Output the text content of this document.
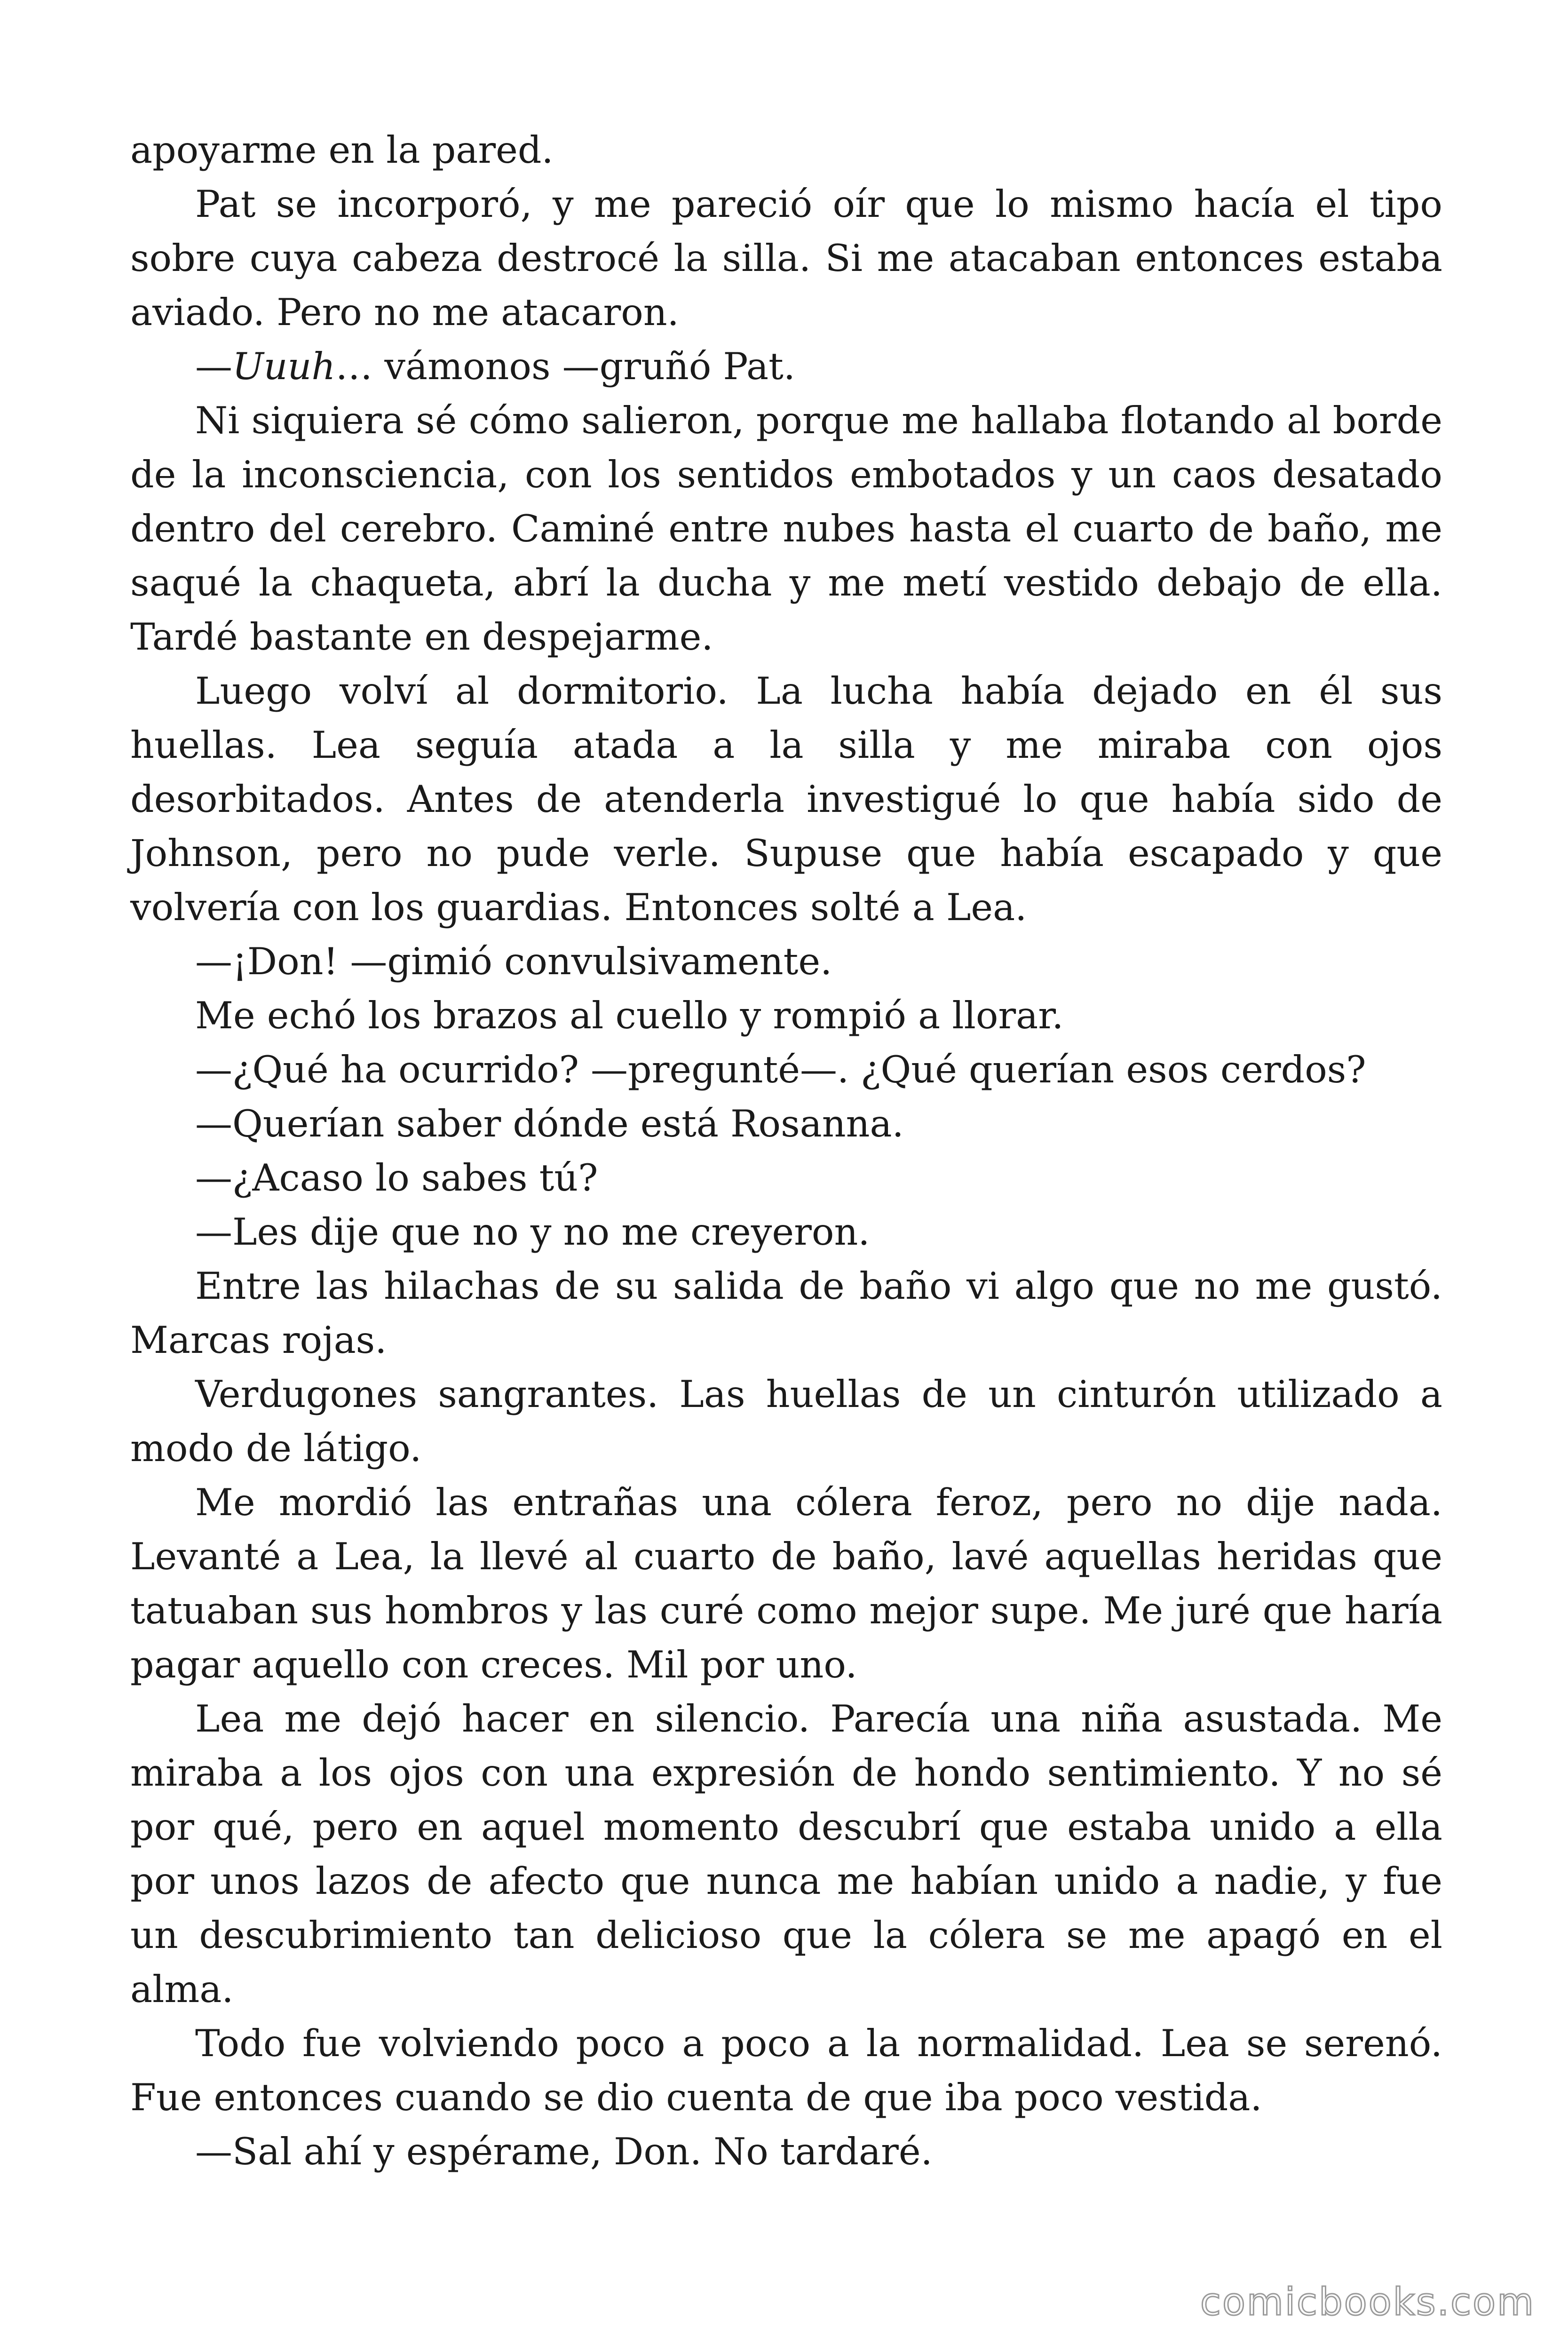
apoyarme en la pared.

Pat se incorporó, y me pareció oír que lo mismo hacía el tipo sobre cuya cabeza destrocé la silla. Si me atacaban entonces estaba aviado. Pero no me atacaron.

—Uuuh… vámonos —gruñó Pat.

Ni siquiera sé cómo salieron, porque me hallaba flotando al borde de la inconsciencia, con los sentidos embotados y un caos desatado dentro del cerebro. Caminé entre nubes hasta el cuarto de baño, me saqué la chaqueta, abrí la ducha y me metí vestido debajo de ella. Tardé bastante en despejarme.

Luego volví al dormitorio. La lucha había dejado en él sus huellas. Lea seguía atada a la silla y me miraba con ojos desorbitados. Antes de atenderla investigué lo que había sido de Johnson, pero no pude verle. Supuse que había escapado y que volvería con los guardias. Entonces solté a Lea.

—¡Don! —gimió convulsivamente.

Me echó los brazos al cuello y rompió a llorar.

—¿Qué ha ocurrido? —pregunté—. ¿Qué querían esos cerdos?

—Querían saber dónde está Rosanna.

—¿Acaso lo sabes tú?

—Les dije que no y no me creyeron.

Entre las hilachas de su salida de baño vi algo que no me gustó. Marcas rojas.

Verdugones sangrantes. Las huellas de un cinturón utilizado a modo de látigo.

Me mordió las entrañas una cólera feroz, pero no dije nada. Levanté a Lea, la llevé al cuarto de baño, lavé aquellas heridas que tatuaban sus hombros y las curé como mejor supe. Me juré que haría pagar aquello con creces. Mil por uno.

Lea me dejó hacer en silencio. Parecía una niña asustada. Me miraba a los ojos con una expresión de hondo sentimiento. Y no sé por qué, pero en aquel momento descubrí que estaba unido a ella por unos lazos de afecto que nunca me habían unido a nadie, y fue un descubrimiento tan delicioso que la cólera se me apagó en el alma.

Todo fue volviendo poco a poco a la normalidad. Lea se serenó. Fue entonces cuando se dio cuenta de que iba poco vestida.

—Sal ahí y espérame, Don. No tardaré.

comicbooks.com
